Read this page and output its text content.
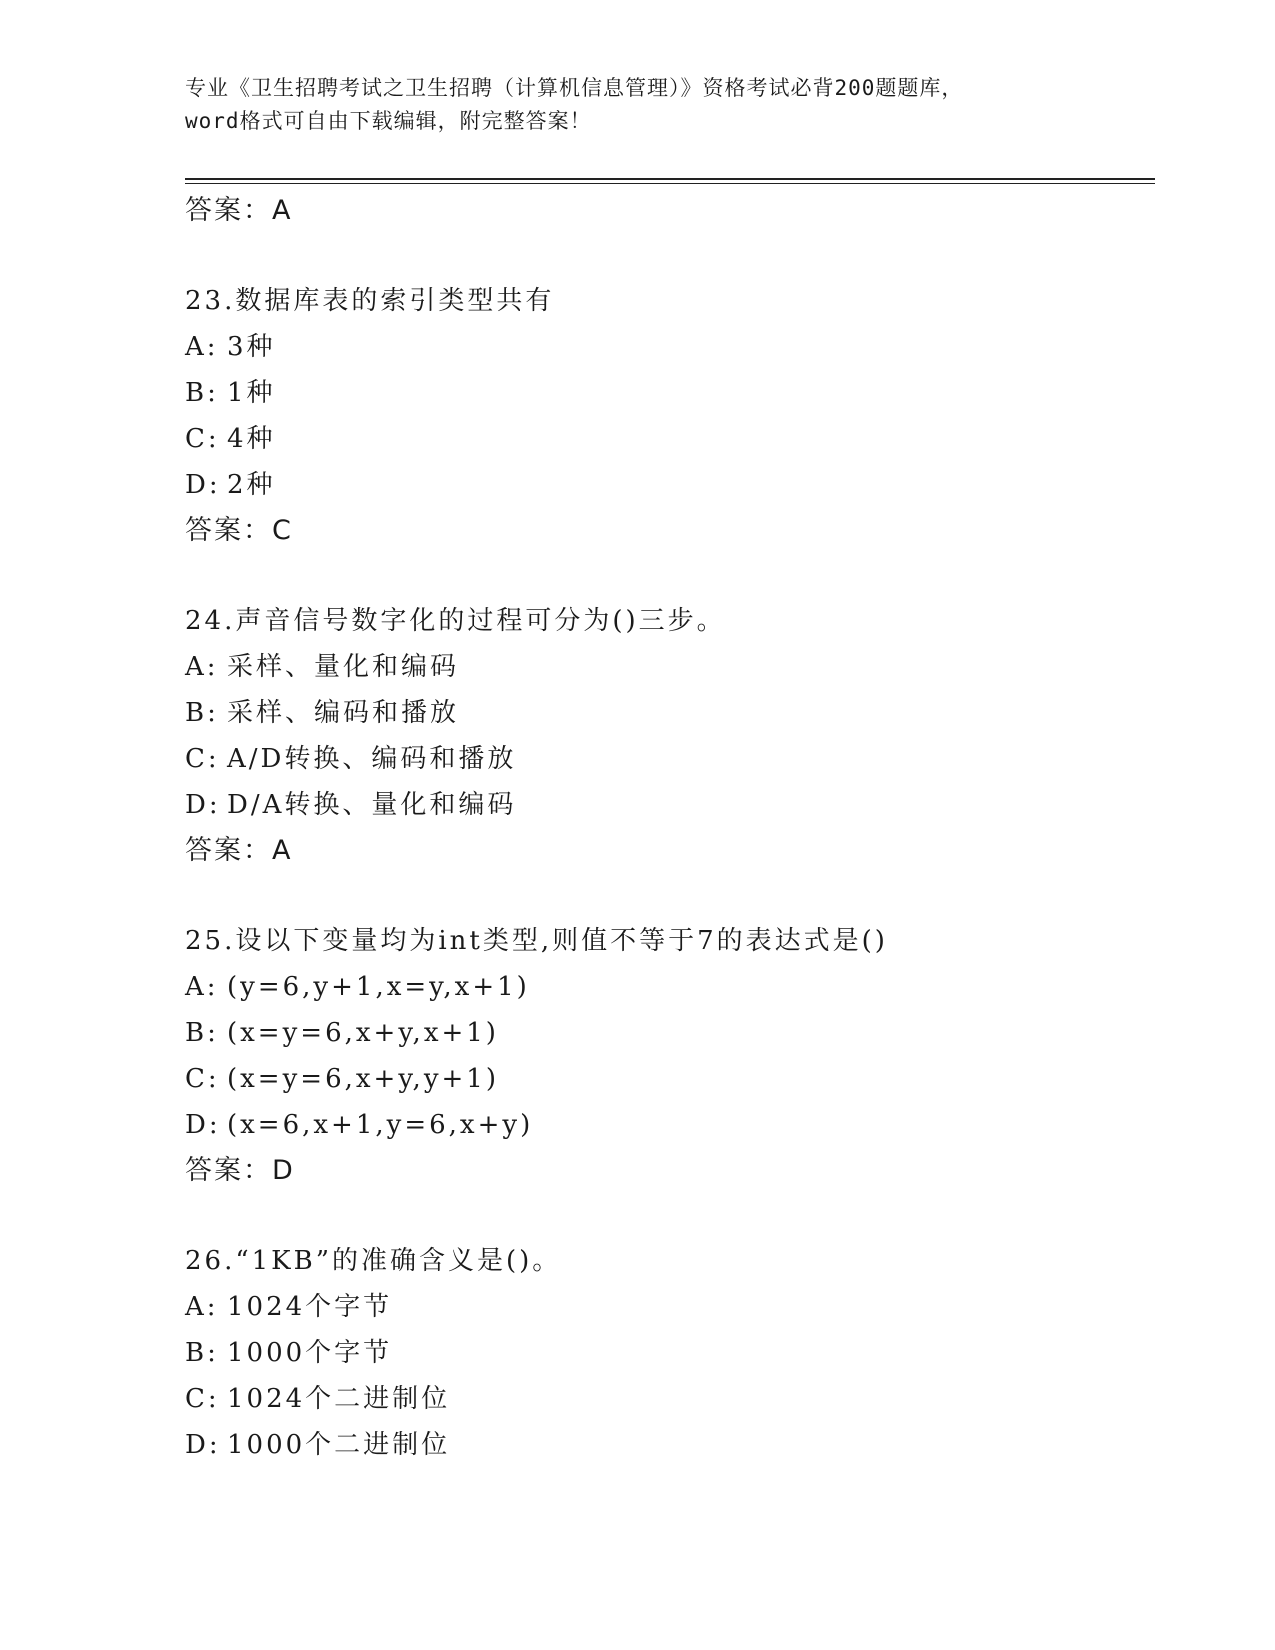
专业《卫生招聘考试之卫生招聘（计算机信息管理）》资格考试必背200题题库，
word格式可自由下载编辑，附完整答案！
答案：A
23.数据库表的索引类型共有
A: 3种
B: 1种
C: 4种
D: 2种
答案：C
24.声音信号数字化的过程可分为()三步。
A: 采样、量化和编码
B: 采样、编码和播放
C: A/D转换、编码和播放
D: D/A转换、量化和编码
答案：A
25.设以下变量均为int类型,则值不等于7的表达式是()
A: (y=6,y+1,x=y,x+1)
B: (x=y=6,x+y,x+1)
C: (x=y=6,x+y,y+1)
D: (x=6,x+1,y=6,x+y)
答案：D
26.“1KB”的准确含义是()。
A: 1024个字节
B: 1000个字节
C: 1024个二进制位
D: 1000个二进制位
